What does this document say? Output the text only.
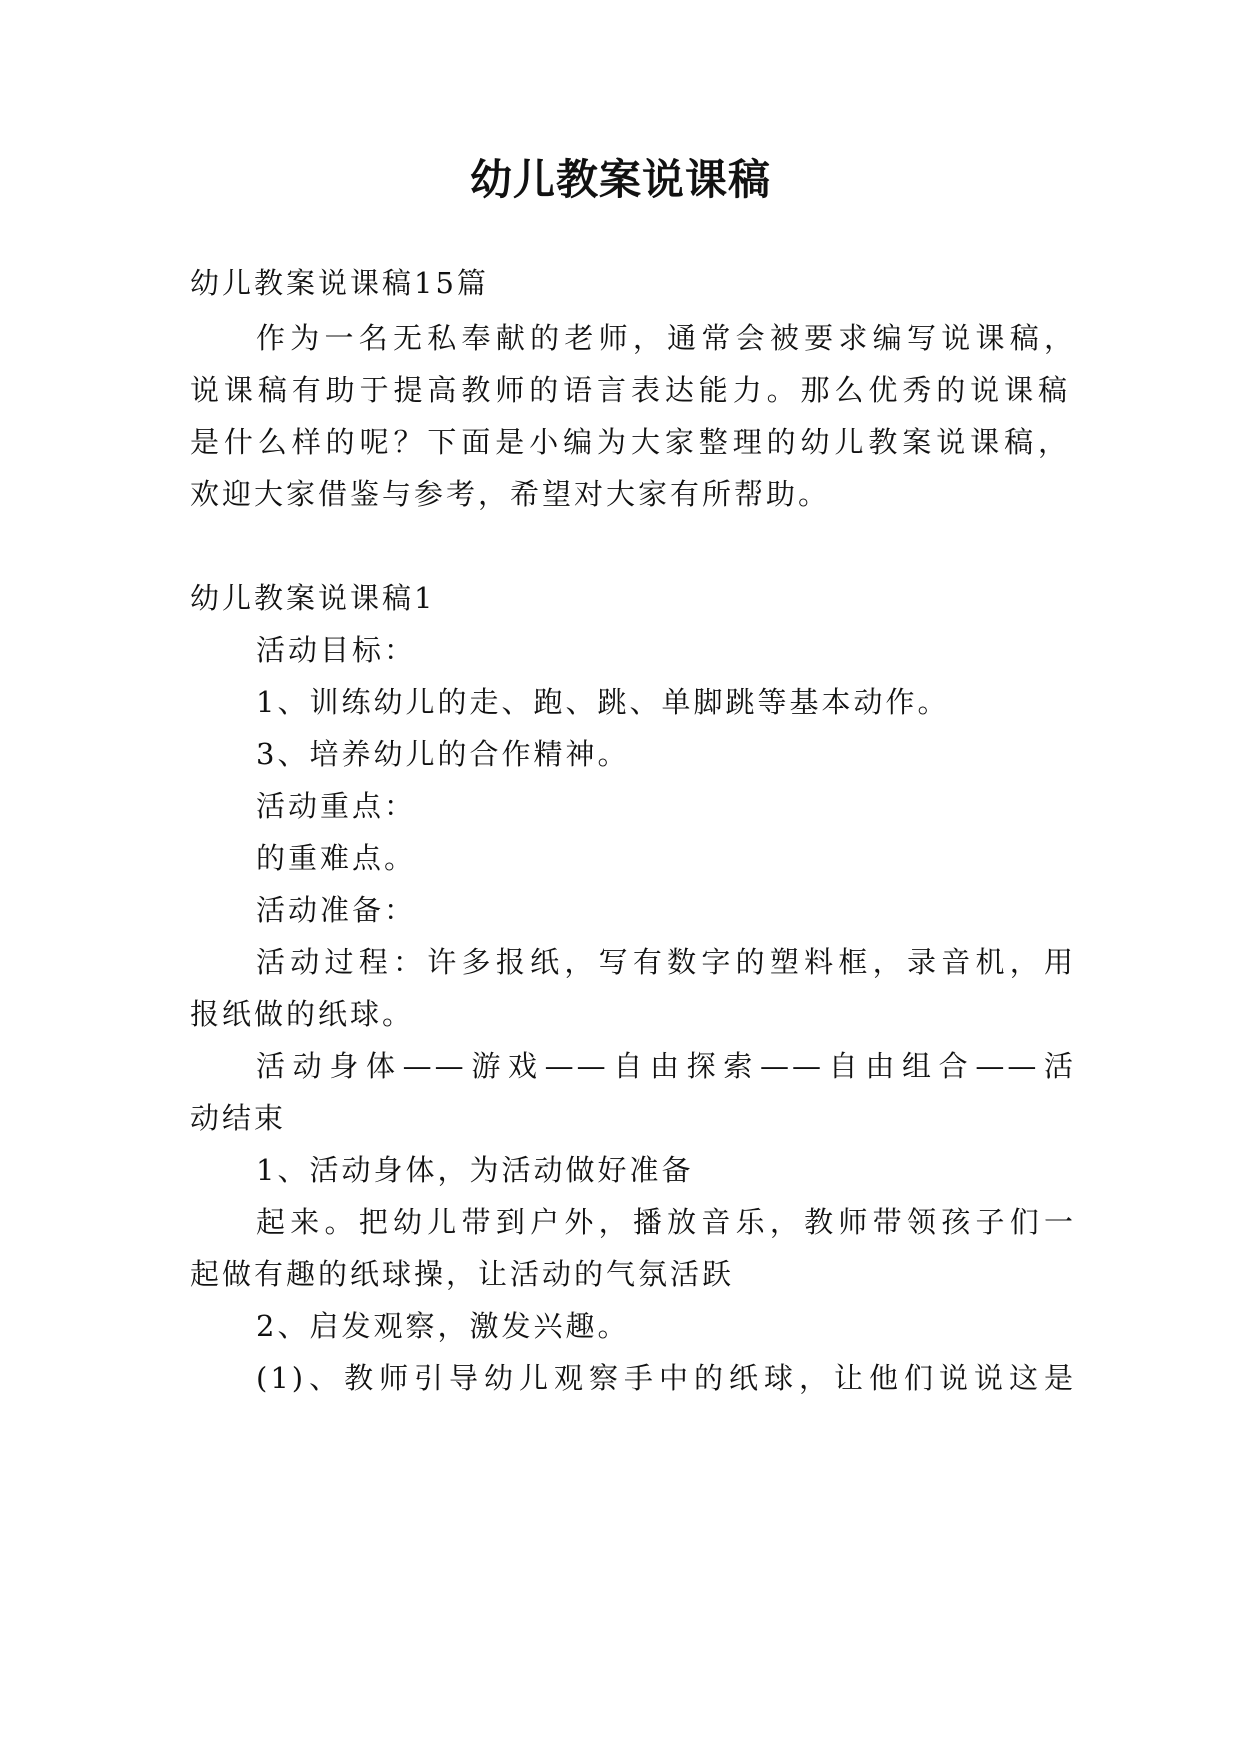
幼儿教案说课稿
幼儿教案说课稿15篇
作为一名无私奉献的老师，通常会被要求编写说课稿，
说课稿有助于提高教师的语言表达能力。那么优秀的说课稿
是什么样的呢？下面是小编为大家整理的幼儿教案说课稿，
欢迎大家借鉴与参考，希望对大家有所帮助。
幼儿教案说课稿1
活动目标：
1、训练幼儿的走、跑、跳、单脚跳等基本动作。
3、培养幼儿的合作精神。
活动重点：
的重难点。
活动准备：
活动过程：许多报纸，写有数字的塑料框，录音机，用
报纸做的纸球。
活动身体——游戏——自由探索——自由组合——活
动结束
1、活动身体，为活动做好准备
起来。把幼儿带到户外，播放音乐，教师带领孩子们一
起做有趣的纸球操，让活动的气氛活跃
2、启发观察，激发兴趣。
(1)、教师引导幼儿观察手中的纸球，让他们说说这是
